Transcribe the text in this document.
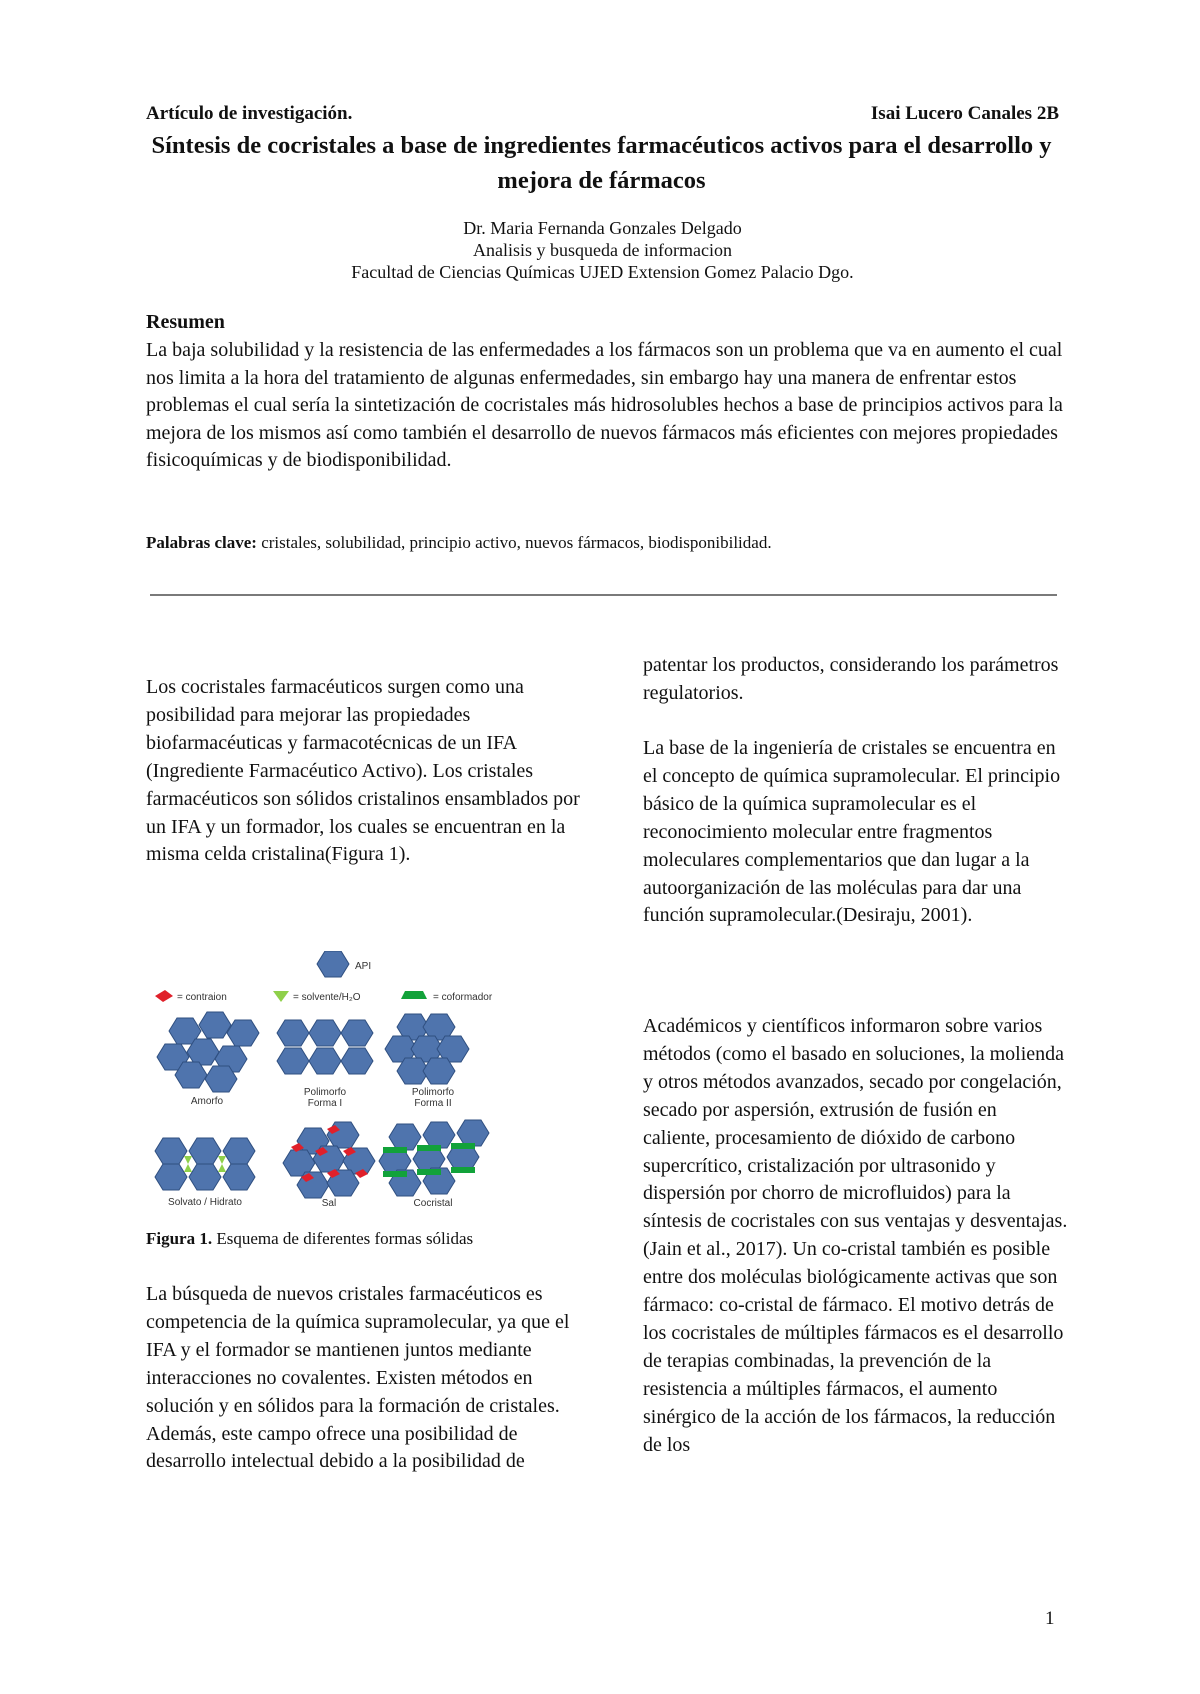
Artículo de investigación.	Isai Lucero Canales 2B
Síntesis de cocristales a base de ingredientes farmacéuticos activos para el desarrollo y mejora de fármacos
Dr. Maria Fernanda Gonzales Delgado
Analisis y busqueda de informacion
Facultad de Ciencias Químicas UJED Extension Gomez Palacio Dgo.
Resumen

La baja solubilidad y la resistencia de las enfermedades a los fármacos son un problema que va en aumento el cual nos limita a la hora del tratamiento de algunas enfermedades, sin embargo hay una manera de enfrentar estos problemas el cual sería la sintetización de cocristales más hidrosolubles hechos a base de principios activos para la mejora de los mismos así como también el desarrollo de nuevos fármacos más eficientes con mejores propiedades fisicoquímicas y de biodisponibilidad.

Palabras clave: cristales, solubilidad, principio activo, nuevos fármacos, biodisponibilidad.

Los cocristales farmacéuticos surgen como una posibilidad para mejorar las propiedades biofarmacéuticas y farmacotécnicas de un IFA (Ingrediente Farmacéutico Activo). Los cristales farmacéuticos son sólidos cristalinos ensamblados por un IFA y un formador, los cuales se encuentran en la misma celda cristalina(Figura 1).

API
= contraion	= solvente/H₂O	= coformador
Amorfo
Polimorfo
Forma I
Polimorfo
Forma II
Solvato / Hidrato	Sal	Cocristal
Figura 1. Esquema de diferentes formas sólidas

La búsqueda de nuevos cristales farmacéuticos es competencia de la química supramolecular, ya que el IFA y el formador se mantienen juntos mediante interacciones no covalentes. Existen métodos en solución y en sólidos para la formación de cristales. Además, este campo ofrece una posibilidad de desarrollo intelectual debido a la posibilidad de

patentar los productos, considerando los parámetros regulatorios.

La base de la ingeniería de cristales se encuentra en el concepto de química supramolecular. El principio básico de la química supramolecular es el reconocimiento molecular entre fragmentos moleculares complementarios que dan lugar a la autoorganización de las moléculas para dar una función supramolecular.(Desiraju, 2001).

Académicos y científicos informaron sobre varios métodos (como el basado en soluciones, la molienda y otros métodos avanzados, secado por congelación, secado por aspersión, extrusión de fusión en caliente, procesamiento de dióxido de carbono supercrítico, cristalización por ultrasonido y dispersión por chorro de microfluidos) para la síntesis de cocristales con sus ventajas y desventajas.(Jain et al., 2017). Un co-cristal también es posible entre dos moléculas biológicamente activas que son fármaco: co-cristal de fármaco. El motivo detrás de los cocristales de múltiples fármacos es el desarrollo de terapias combinadas, la prevención de la resistencia a múltiples fármacos, el aumento sinérgico de la acción de los fármacos, la reducción de los

1
